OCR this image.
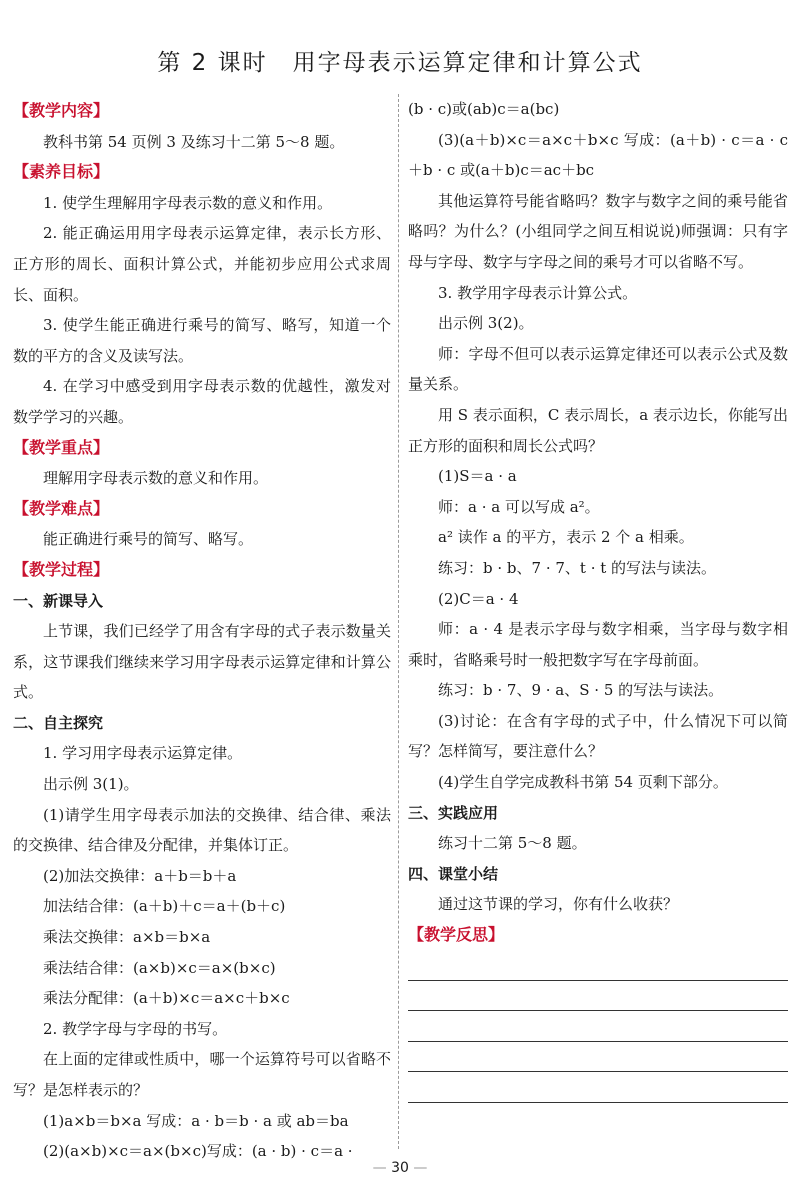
第 2 课时　用字母表示运算定律和计算公式
【教学内容】
教科书第 54 页例 3 及练习十二第 5～8 题。
【素养目标】
1. 使学生理解用字母表示数的意义和作用。
2. 能正确运用用字母表示运算定律，表示长方形、正方形的周长、面积计算公式，并能初步应用公式求周长、面积。
3. 使学生能正确进行乘号的简写、略写，知道一个数的平方的含义及读写法。
4. 在学习中感受到用字母表示数的优越性，激发对数学学习的兴趣。
【教学重点】
理解用字母表示数的意义和作用。
【教学难点】
能正确进行乘号的简写、略写。
【教学过程】
一、新课导入
上节课，我们已经学了用含有字母的式子表示数量关系，这节课我们继续来学习用字母表示运算定律和计算公式。
二、自主探究
1. 学习用字母表示运算定律。
出示例 3(1)。
(1)请学生用字母表示加法的交换律、结合律、乘法的交换律、结合律及分配律，并集体订正。
(2)加法交换律：a＋b＝b＋a
加法结合律：(a＋b)＋c＝a＋(b＋c)
乘法交换律：a×b＝b×a
乘法结合律：(a×b)×c＝a×(b×c)
乘法分配律：(a＋b)×c＝a×c＋b×c
2. 教学字母与字母的书写。
在上面的定律或性质中，哪一个运算符号可以省略不写？是怎样表示的？
(1)a×b＝b×a 写成：a · b＝b · a 或 ab＝ba
(2)(a×b)×c＝a×(b×c)写成：(a · b) · c＝a ·
(b · c)或(ab)c＝a(bc)
(3)(a＋b)×c＝a×c＋b×c 写成：(a＋b) · c＝a · c＋b · c 或(a＋b)c＝ac＋bc
其他运算符号能省略吗？数字与数字之间的乘号能省略吗？为什么？(小组同学之间互相说说)师强调：只有字母与字母、数字与字母之间的乘号才可以省略不写。
3. 教学用字母表示计算公式。
出示例 3(2)。
师：字母不但可以表示运算定律还可以表示公式及数量关系。
用 S 表示面积，C 表示周长，a 表示边长，你能写出正方形的面积和周长公式吗？
(1)S＝a · a
师：a · a 可以写成 a²。
a² 读作 a 的平方，表示 2 个 a 相乘。
练习：b · b、7 · 7、t · t 的写法与读法。
(2)C＝a · 4
师：a · 4 是表示字母与数字相乘，当字母与数字相乘时，省略乘号时一般把数字写在字母前面。
练习：b · 7、9 · a、S · 5 的写法与读法。
(3)讨论：在含有字母的式子中，什么情况下可以简写？怎样简写，要注意什么？
(4)学生自学完成教科书第 54 页剩下部分。
三、实践应用
练习十二第 5～8 题。
四、课堂小结
通过这节课的学习，你有什么收获？
【教学反思】
— 30 —
